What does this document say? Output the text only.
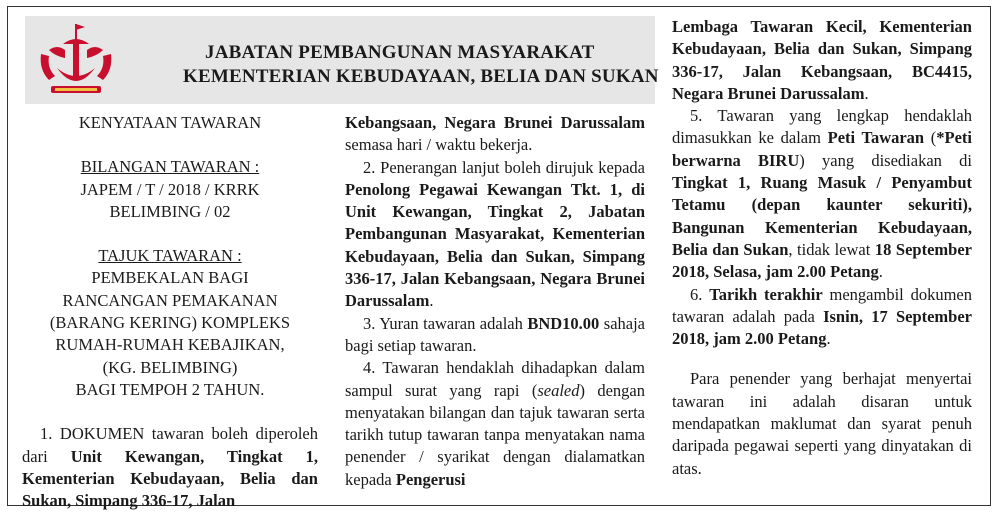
JABATAN PEMBANGUNAN MASYARAKAT
KEMENTERIAN KEBUDAYAAN, BELIA DAN SUKAN

KENYATAAN TAWARAN

BILANGAN TAWARAN :

JAPEM / T / 2018 / KRRK

BELIMBING / 02

TAJUK TAWARAN :

PEMBEKALAN BAGI

RANCANGAN PEMAKANAN

(BARANG KERING) KOMPLEKS

RUMAH-RUMAH KEBAJIKAN,

(KG. BELIMBING)

BAGI TEMPOH 2 TAHUN.

1. DOKUMEN tawaran boleh diperoleh dari Unit Kewangan, Tingkat 1, Kementerian Kebudayaan, Belia dan Sukan, Simpang 336-17, Jalan

Kebangsaan, Negara Brunei Darussalam semasa hari / waktu bekerja.

2. Penerangan lanjut boleh dirujuk kepada Penolong Pegawai Kewangan Tkt. 1, di Unit Kewangan, Tingkat 2, Jabatan Pembangunan Masyarakat, Kementerian Kebudayaan, Belia dan Sukan, Simpang 336-17, Jalan Kebangsaan, Negara Brunei Darussalam.

3. Yuran tawaran adalah BND10.00 sahaja bagi setiap tawaran.

4. Tawaran hendaklah dihadapkan dalam sampul surat yang rapi (sealed) dengan menyatakan bilangan dan tajuk tawaran serta tarikh tutup tawaran tanpa menyatakan nama penender / syarikat dengan dialamatkan kepada Pengerusi

Lembaga Tawaran Kecil, Kementerian Kebudayaan, Belia dan Sukan, Simpang 336-17, Jalan Kebangsaan, BC4415, Negara Brunei Darussalam.

5. Tawaran yang lengkap hendaklah dimasukkan ke dalam Peti Tawaran (*Peti berwarna BIRU) yang disediakan di Tingkat 1, Ruang Masuk / Penyambut Tetamu (depan kaunter sekuriti), Bangunan Kementerian Kebudayaan, Belia dan Sukan, tidak lewat 18 September 2018, Selasa, jam 2.00 Petang.

6. Tarikh terakhir mengambil dokumen tawaran adalah pada Isnin, 17 September 2018, jam 2.00 Petang.

Para penender yang berhajat menyertai tawaran ini adalah disaran untuk mendapatkan maklumat dan syarat penuh daripada pegawai seperti yang dinyatakan di atas.
